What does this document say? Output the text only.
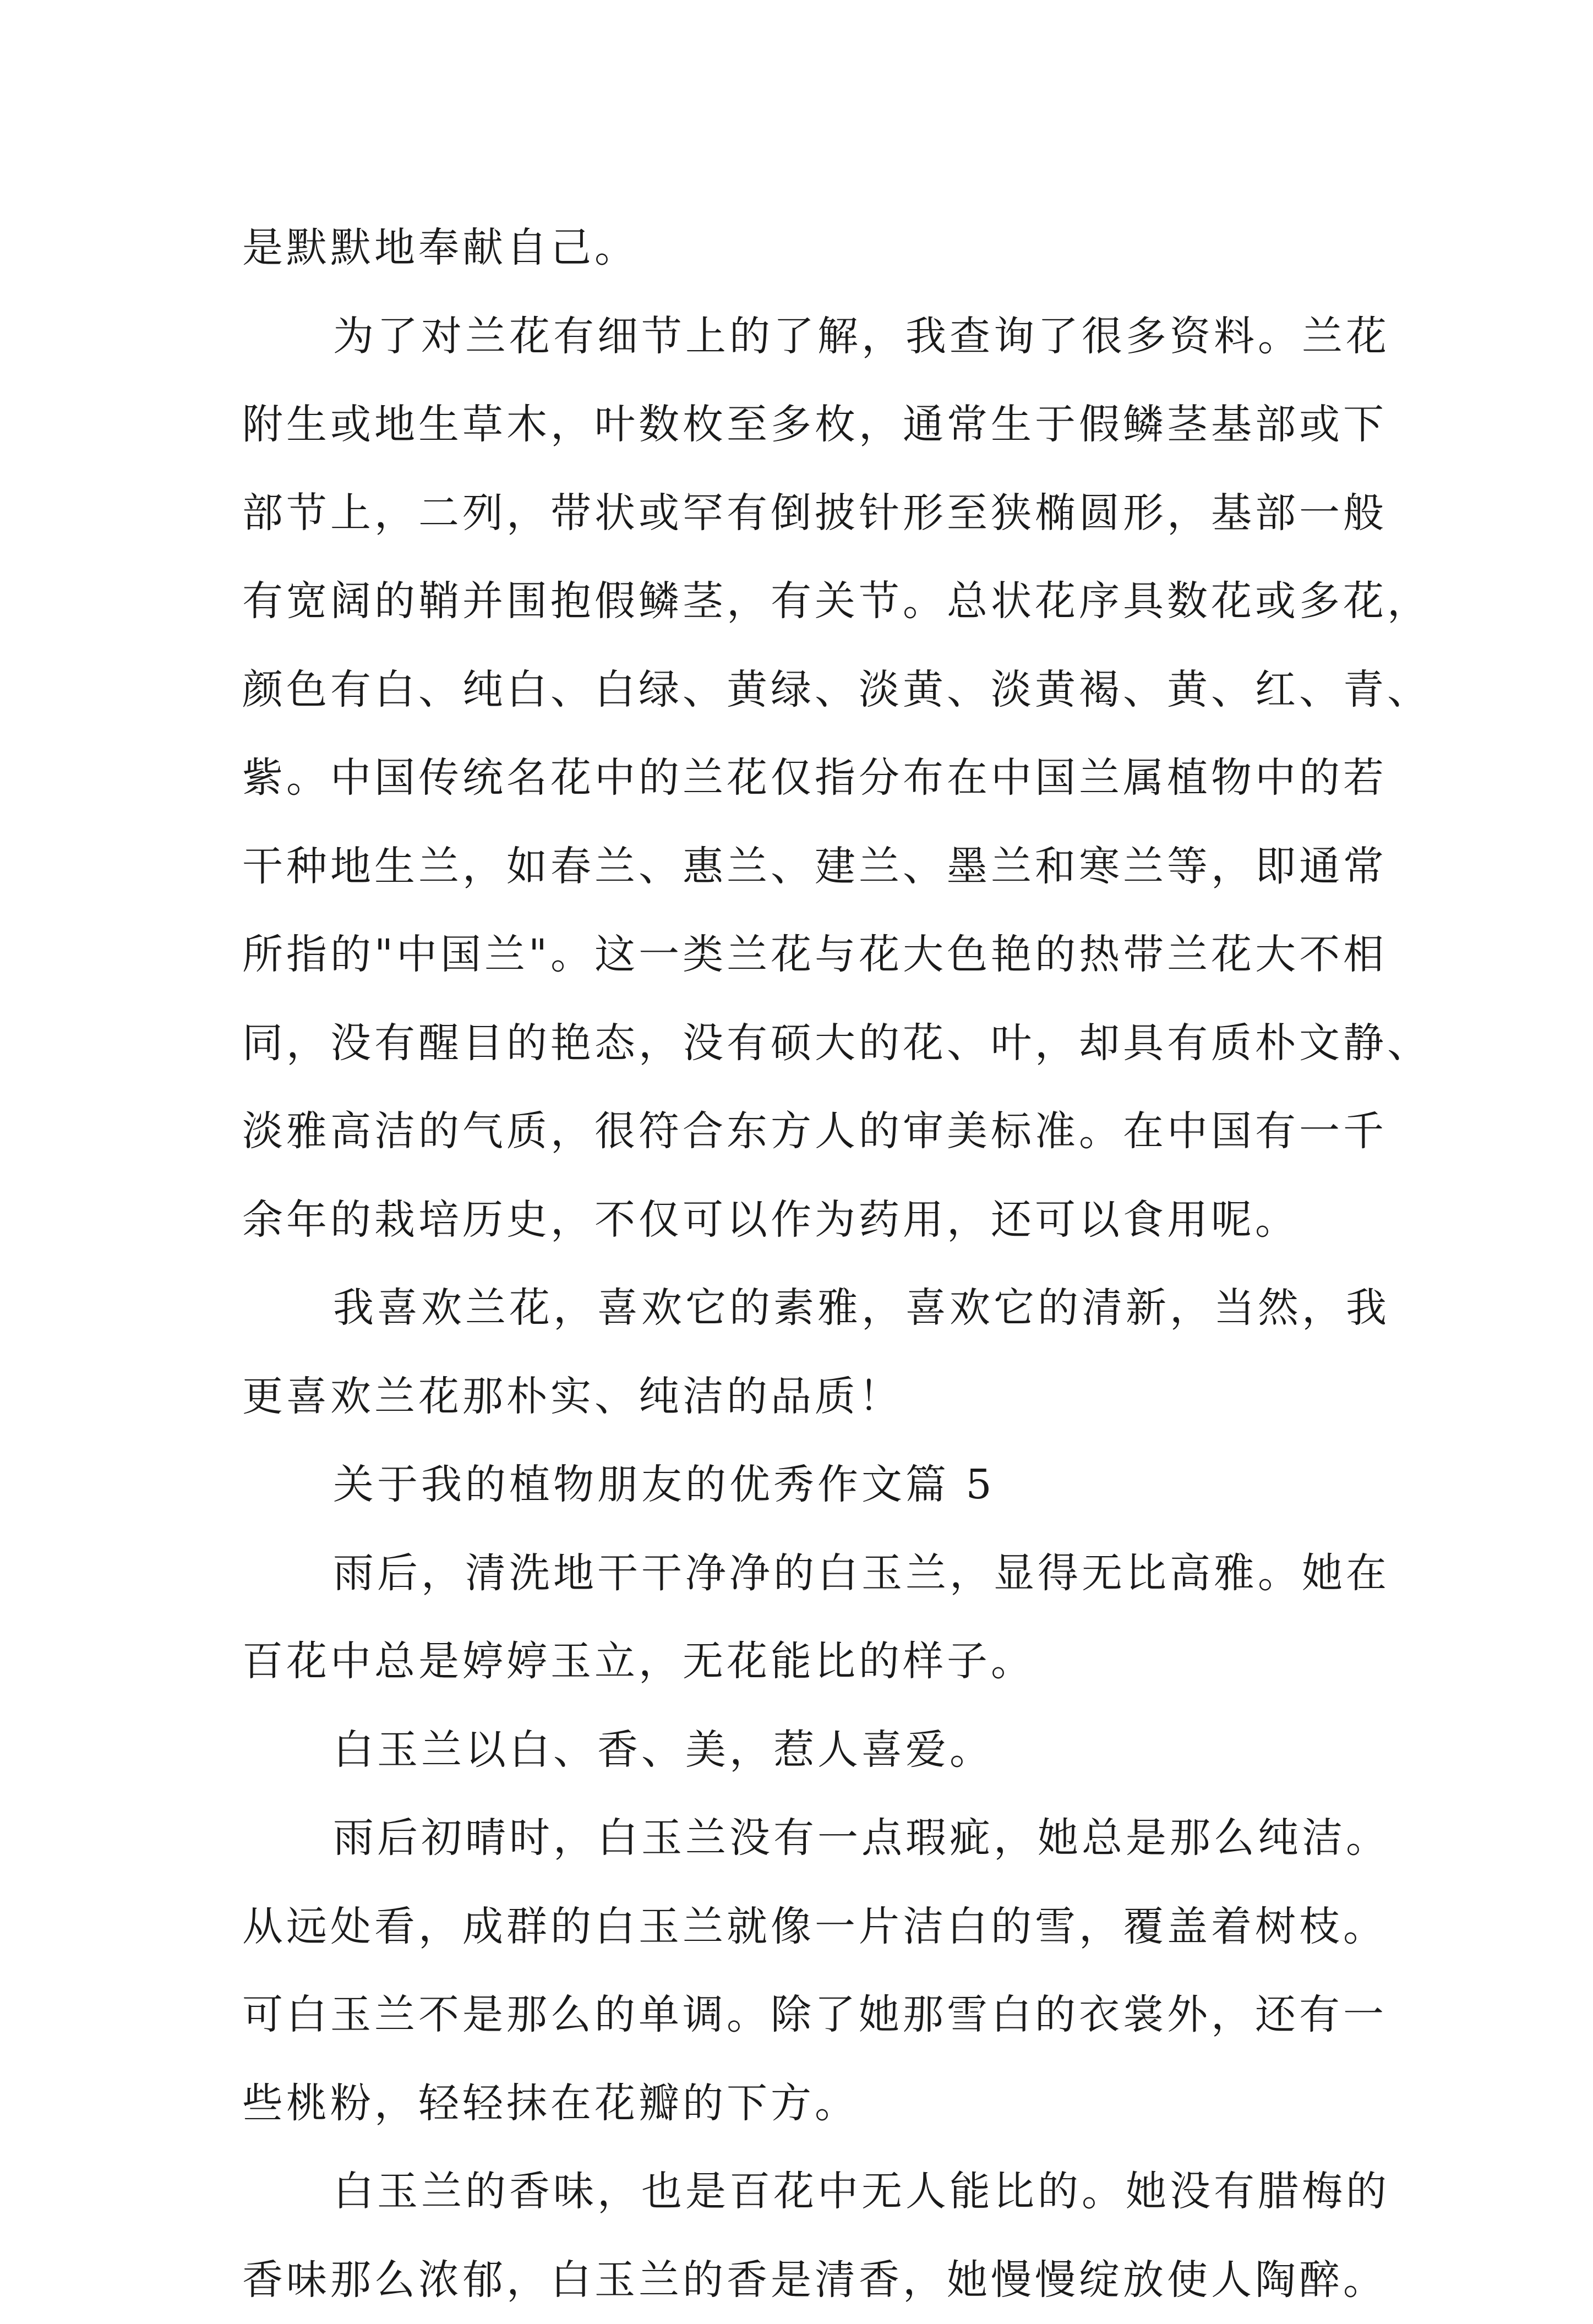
是默默地奉献自己。
为了对兰花有细节上的了解，我查询了很多资料。兰花
附生或地生草木，叶数枚至多枚，通常生于假鳞茎基部或下
部节上，二列，带状或罕有倒披针形至狭椭圆形，基部一般
有宽阔的鞘并围抱假鳞茎，有关节。总状花序具数花或多花，
颜色有白、纯白、白绿、黄绿、淡黄、淡黄褐、黄、红、青、
紫。中国传统名花中的兰花仅指分布在中国兰属植物中的若
干种地生兰，如春兰、惠兰、建兰、墨兰和寒兰等，即通常
所指的"中国兰"。这一类兰花与花大色艳的热带兰花大不相
同，没有醒目的艳态，没有硕大的花、叶，却具有质朴文静、
淡雅高洁的气质，很符合东方人的审美标准。在中国有一千
余年的栽培历史，不仅可以作为药用，还可以食用呢。
我喜欢兰花，喜欢它的素雅，喜欢它的清新，当然，我
更喜欢兰花那朴实、纯洁的品质！
关于我的植物朋友的优秀作文篇 5
雨后，清洗地干干净净的白玉兰，显得无比高雅。她在
百花中总是婷婷玉立，无花能比的样子。
白玉兰以白、香、美，惹人喜爱。
雨后初晴时，白玉兰没有一点瑕疵，她总是那么纯洁。
从远处看，成群的白玉兰就像一片洁白的雪，覆盖着树枝。
可白玉兰不是那么的单调。除了她那雪白的衣裳外，还有一
些桃粉，轻轻抹在花瓣的下方。
白玉兰的香味，也是百花中无人能比的。她没有腊梅的
香味那么浓郁，白玉兰的香是清香，她慢慢绽放使人陶醉。
